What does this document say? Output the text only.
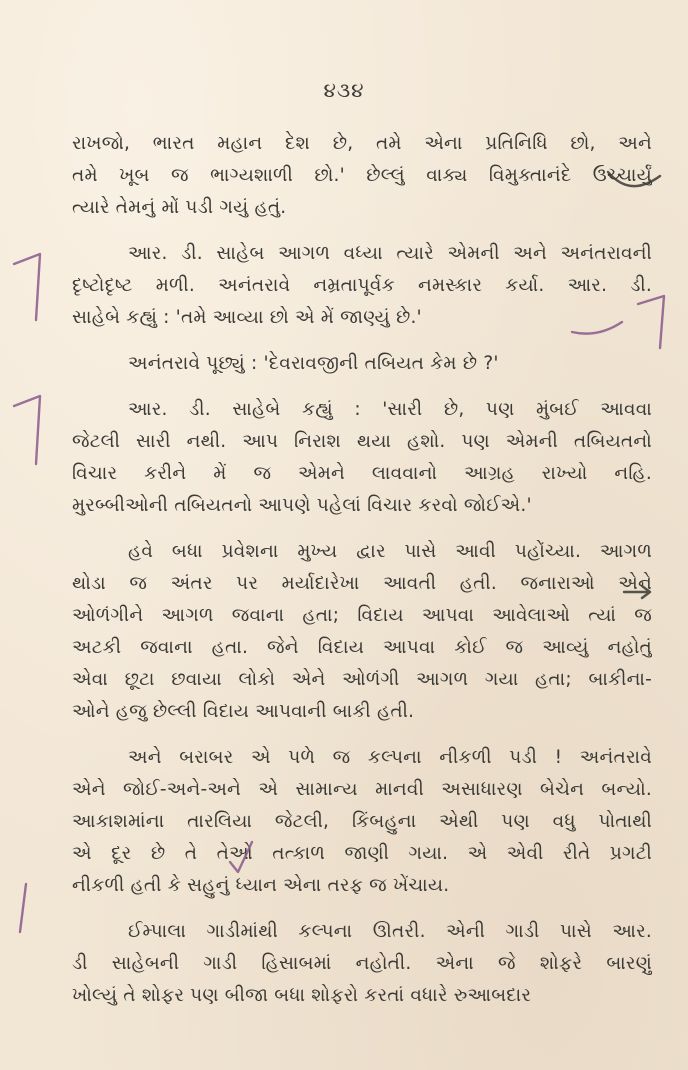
૪૩૪
રાખજો, ભારત મહાન દેશ છે, તમે એના પ્રતિનિધિ છો, અને
તમે ખૂબ જ ભાગ્યશાળી છો.' છેલ્લું વાક્ય વિમુક્તાનંદે ઉચ્ચાર્યું
ત્યારે તેમનું મોં પડી ગયું હતું.
આર. ડી. સાહેબ આગળ વધ્યા ત્યારે એમની અને અનંતરાવની
દૃષ્ટોદૃષ્ટ મળી. અનંતરાવે નમ્રતાપૂર્વક નમસ્કાર કર્યા. આર. ડી.
સાહેબે કહ્યું : 'તમે આવ્યા છો એ મેં જાણ્યું છે.'
અનંતરાવે પૂછ્યું : 'દેવરાવજીની તબિયત કેમ છે ?'
આર. ડી. સાહેબે કહ્યું : 'સારી છે, પણ મુંબઈ આવવા
જેટલી સારી નથી. આપ નિરાશ થયા હશો. પણ એમની તબિયતનો
વિચાર કરીને મેં જ એમને લાવવાનો આગ્રહ રાખ્યો નહિ.
મુરબ્બીઓની તબિયતનો આપણે પહેલાં વિચાર કરવો જોઈએ.'
હવે બધા પ્રવેશના મુખ્ય દ્વાર પાસે આવી પહોંચ્યા. આગળ
થોડા જ અંતર પર મર્યાદારેખા આવતી હતી. જનારાઓ એને
ઓળંગીને આગળ જવાના હતા; વિદાય આપવા આવેલાઓ ત્યાં જ
અટકી જવાના હતા. જેને વિદાય આપવા કોઈ જ આવ્યું નહોતું
એવા છૂટા છવાયા લોકો એને ઓળંગી આગળ ગયા હતા; બાકીના-
ઓને હજુ છેલ્લી વિદાય આપવાની બાકી હતી.
અને બરાબર એ પળે જ કલ્પના નીકળી પડી ! અનંતરાવે
એને જોઈ-અને-અને એ સામાન્ય માનવી અસાધારણ બેચેન બન્યો.
આકાશમાંના તારલિયા જેટલી, કિંબહુના એથી પણ વધુ પોતાથી
એ દૂર છે તે તેઓ તત્કાળ જાણી ગયા. એ એવી રીતે પ્રગટી
નીકળી હતી કે સહુનું ધ્યાન એના તરફ જ ખેંચાય.
ઈમ્પાલા ગાડીમાંથી કલ્પના ઊતરી. એની ગાડી પાસે આર.
ડી સાહેબની ગાડી હિસાબમાં નહોતી. એના જે શોફરે બારણું
ખોલ્યું તે શોફર પણ બીજા બધા શોફરો કરતાં વધારે રુઆબદાર
